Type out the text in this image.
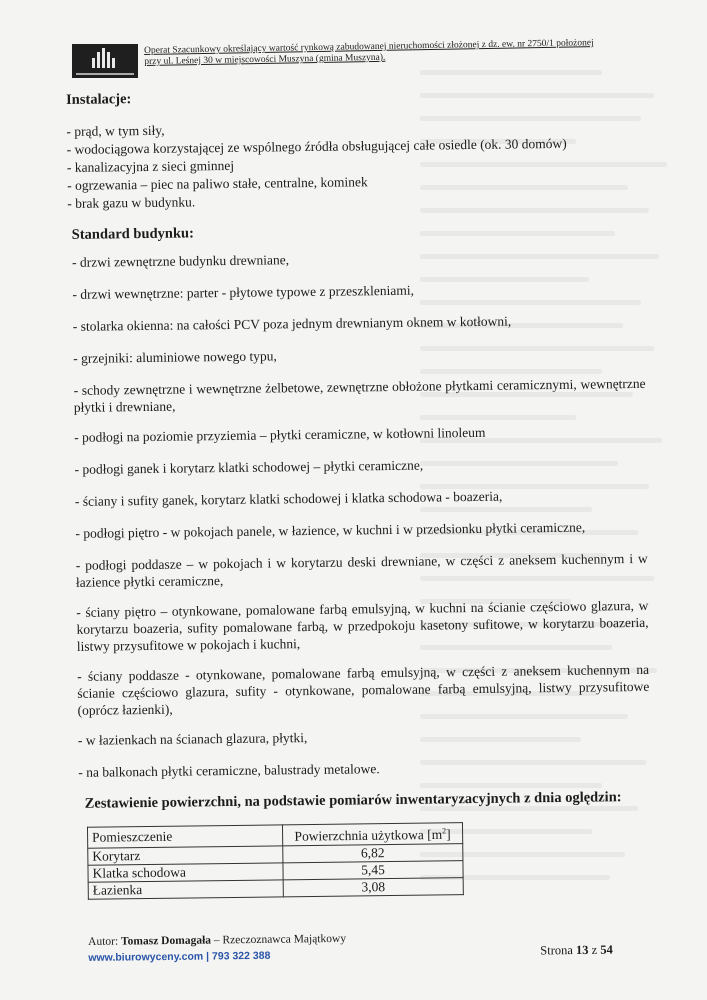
Operat Szacunkowy określający wartość rynkową zabudowanej nieruchomości złożonej z dz. ew. nr 2750/1 położonej
przy ul. Leśnej 30 w miejscowości Muszyna (gmina Muszyna).
Instalacje:
- prąd, w tym siły,
- wodociągowa korzystającej ze wspólnego źródła obsługującej całe osiedle (ok. 30 domów)
- kanalizacyjna z sieci gminnej
- ogrzewania – piec na paliwo stałe, centralne, kominek
- brak gazu w budynku.
Standard budynku:
- drzwi zewnętrzne budynku drewniane,
- drzwi wewnętrzne: parter - płytowe typowe z przeszkleniami,
- stolarka okienna: na całości PCV poza jednym drewnianym oknem w kotłowni,
- grzejniki: aluminiowe nowego typu,
- schody zewnętrzne i wewnętrzne żelbetowe, zewnętrzne obłożone płytkami ceramicznymi, wewnętrzne płytki i drewniane,
- podłogi na poziomie przyziemia – płytki ceramiczne, w kotłowni linoleum
- podłogi ganek i korytarz klatki schodowej – płytki ceramiczne,
- ściany i sufity ganek, korytarz klatki schodowej i klatka schodowa - boazeria,
- podłogi piętro - w pokojach panele, w łazience, w kuchni i w przedsionku płytki ceramiczne,
- podłogi poddasze – w pokojach i w korytarzu deski drewniane, w części z aneksem kuchennym i w łazience płytki ceramiczne,
- ściany piętro – otynkowane, pomalowane farbą emulsyjną, w kuchni na ścianie częściowo glazura, w korytarzu boazeria, sufity pomalowane farbą, w przedpokoju kasetony sufitowe, w korytarzu boazeria, listwy przysufitowe w pokojach i kuchni,
- ściany poddasze - otynkowane, pomalowane farbą emulsyjną, w części z aneksem kuchennym na ścianie częściowo glazura, sufity - otynkowane, pomalowane farbą emulsyjną, listwy przysufitowe (oprócz łazienki),
- w łazienkach na ścianach glazura, płytki,
- na balkonach płytki ceramiczne, balustrady metalowe.
Zestawienie powierzchni, na podstawie pomiarów inwentaryzacyjnych z dnia oględzin:
Pomieszczenie	Powierzchnia użytkowa $[m^2]$
Korytarz	6,82
Klatka schodowa	5,45
Łazienka	3,08
Autor: Tomasz Domagała – Rzeczoznawca Majątkowy
www.biurowyceny.com | 793 322 388	Strona 13 z 54
